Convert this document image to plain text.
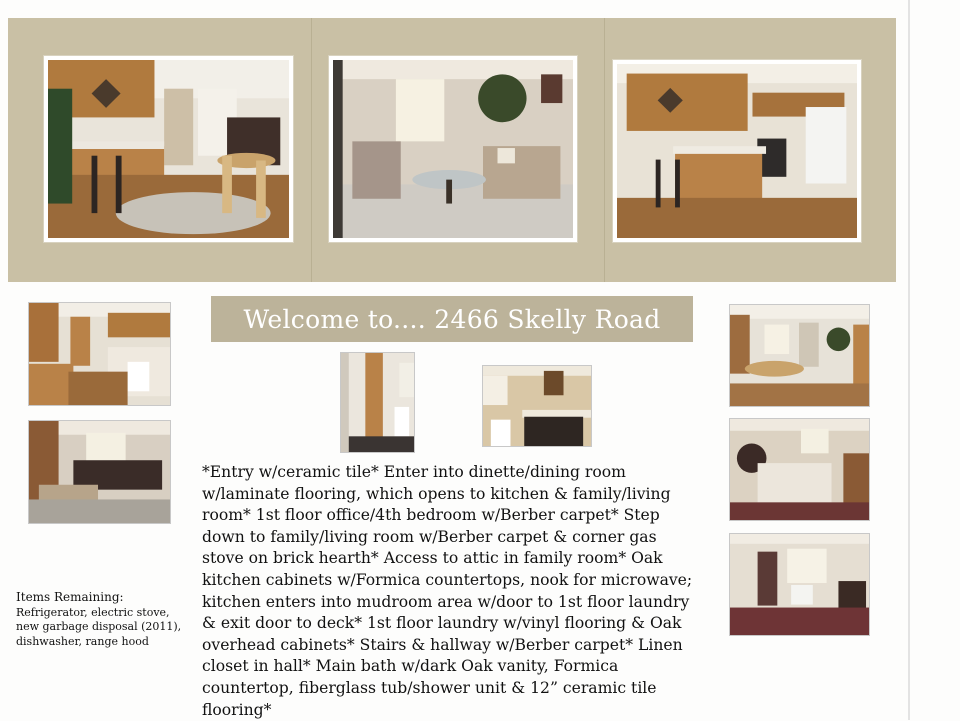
Welcome to.... 2466 Skelly Road
*Entry w/ceramic tile* Enter into dinette/dining room w/laminate flooring, which opens to kitchen & family/living room* 1st floor office/4th bedroom w/Berber carpet* Step down to family/living room w/Berber carpet & corner gas stove on brick hearth* Access to attic in family room* Oak kitchen cabinets w/Formica countertops, nook for microwave; kitchen enters into mudroom area w/door to 1st floor laundry & exit door to deck* 1st floor laundry w/vinyl flooring & Oak overhead cabinets* Stairs & hallway w/Berber carpet* Linen closet in hall* Main bath w/dark Oak vanity, Formica countertop, fiberglass tub/shower unit & 12” ceramic tile flooring*
Items Remaining:
Refrigerator, electric stove, new garbage disposal (2011), dishwasher, range hood
